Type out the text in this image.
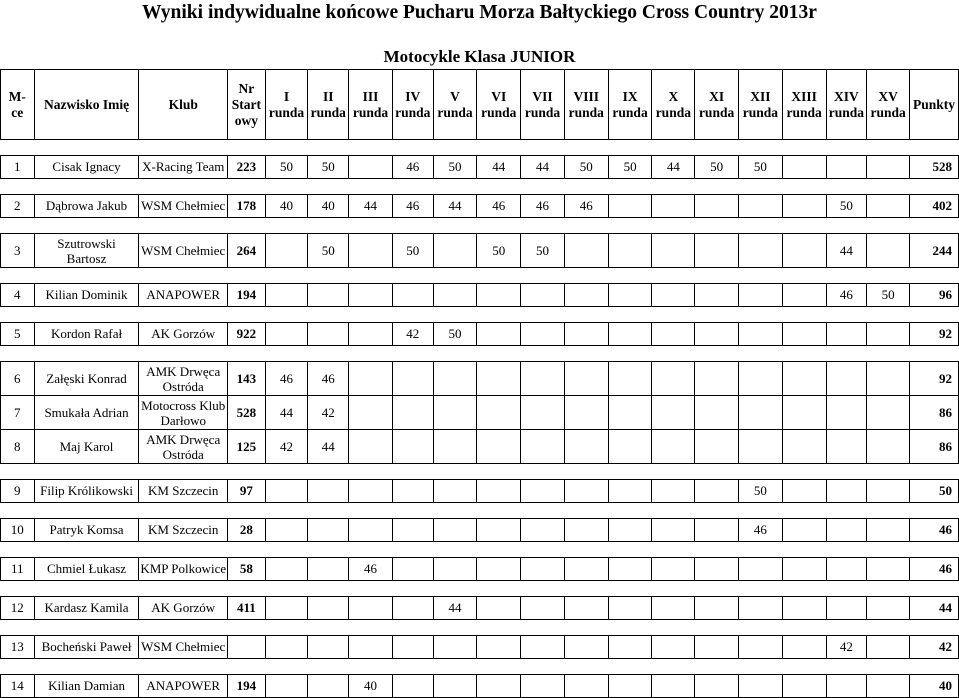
Wyniki indywidualne końcowe Pucharu Morza Bałtyckiego Cross Country 2013r
Motocykle Klasa JUNIOR
M-
ce	Nazwisko Imię	Klub	Nr
Start
owy	I
runda	II
runda	III
runda	IV
runda	V
runda	VI
runda	VII
runda	VIII
runda	IX
runda	X
runda	XI
runda	XII
runda	XIII
runda	XIV
runda	XV
runda	Punkty

1	Cisak Ignacy	X-Racing Team	223	50	50		46	50	44	44	50	50	44	50	50				528

2	Dąbrowa Jakub	WSM Chełmiec	178	40	40	44	46	44	46	46	46						50		402

3	Szutrowski
Bartosz	WSM Chełmiec	264		50		50		50	50							44		244

4	Kilian Dominik	ANAPOWER	194														46	50	96

5	Kordon Rafał	AK Gorzów	922				42	50											92

6	Załęski Konrad	AMK Drwęca
Ostróda	143	46	46														92
7	Smukała Adrian	Motocross Klub
Darłowo	528	44	42														86
8	Maj Karol	AMK Drwęca
Ostróda	125	42	44														86

9	Filip Królikowski	KM Szczecin	97												50				50

10	Patryk Komsa	KM Szczecin	28												46				46

11	Chmiel Łukasz	KMP Polkowice	58			46													46

12	Kardasz Kamila	AK Gorzów	411					44											44

13	Bocheński Paweł	WSM Chełmiec															42		42

14	Kilian Damian	ANAPOWER	194			40													40
